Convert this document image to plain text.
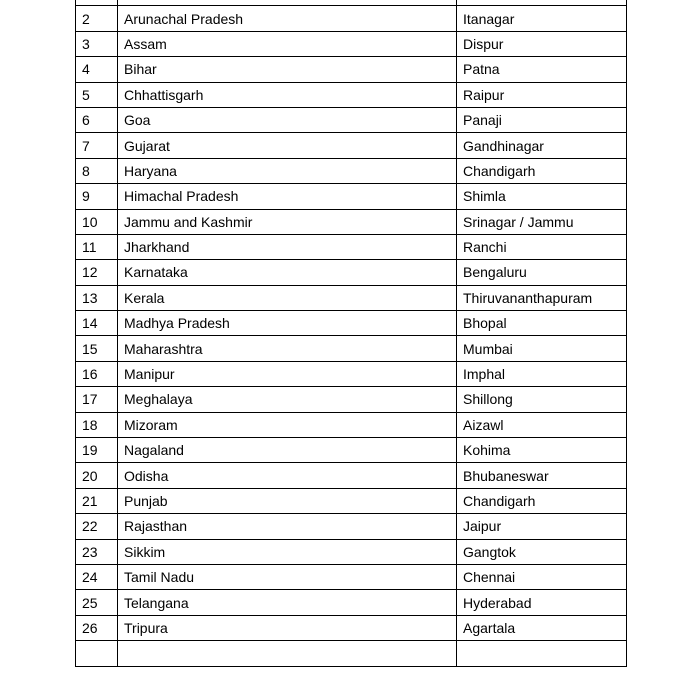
2	Arunachal Pradesh	Itanagar
3	Assam	Dispur
4	Bihar	Patna
5	Chhattisgarh	Raipur
6	Goa	Panaji
7	Gujarat	Gandhinagar
8	Haryana	Chandigarh
9	Himachal Pradesh	Shimla
10	Jammu and Kashmir	Srinagar / Jammu
11	Jharkhand	Ranchi
12	Karnataka	Bengaluru
13	Kerala	Thiruvananthapuram
14	Madhya Pradesh	Bhopal
15	Maharashtra	Mumbai
16	Manipur	Imphal
17	Meghalaya	Shillong
18	Mizoram	Aizawl
19	Nagaland	Kohima
20	Odisha	Bhubaneswar
21	Punjab	Chandigarh
22	Rajasthan	Jaipur
23	Sikkim	Gangtok
24	Tamil Nadu	Chennai
25	Telangana	Hyderabad
26	Tripura	Agartala
